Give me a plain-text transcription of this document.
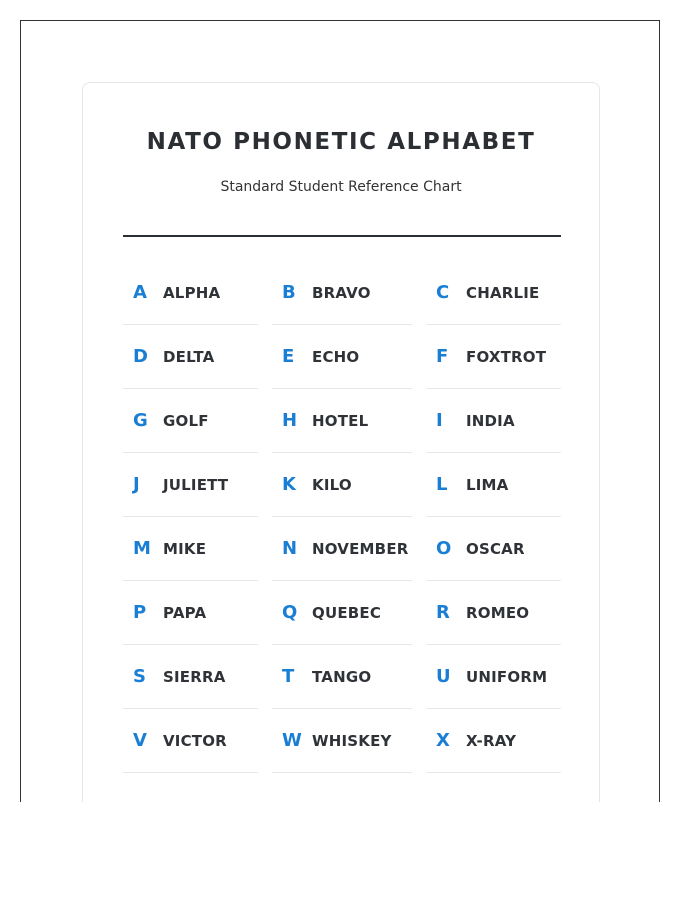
NATO PHONETIC ALPHABET
Standard Student Reference Chart
A	ALPHA	B	BRAVO	C	CHARLIE
D	DELTA	E	ECHO	F	FOXTROT
G	GOLF	H HOTEL	I	INDIA
J	JULIETT	K	KILO	L	LIMA
M MIKE	N NOVEMBER	O OSCAR
P	PAPA	Q QUEBEC	R	ROMEO
S	SIERRA	T	TANGO	U	UNIFORM
V	VICTOR	W WHISKEY	X	X-RAY
